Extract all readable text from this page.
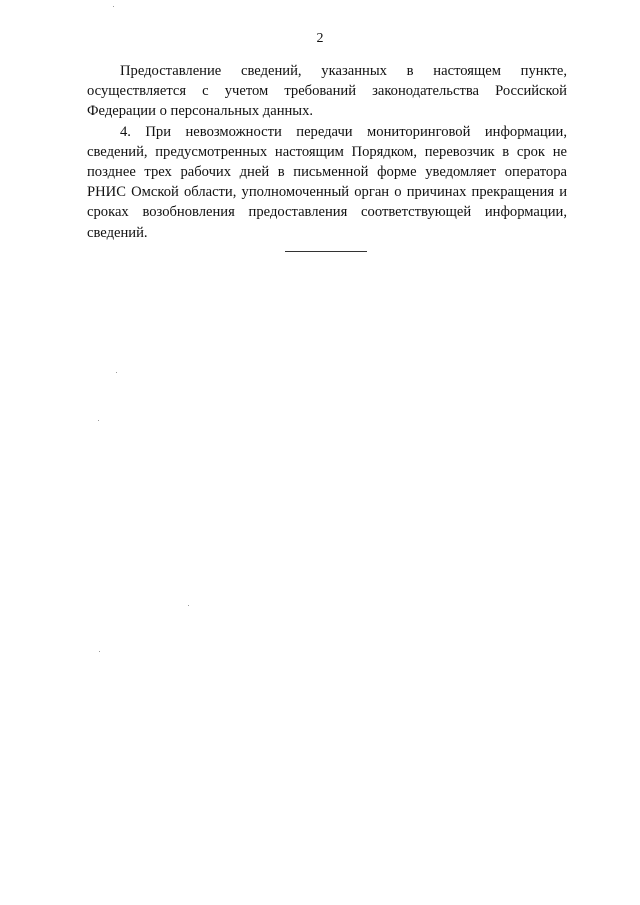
2

Предоставление сведений, указанных в настоящем пункте, осуществляется с учетом требований законодательства Российской Федерации о персональных данных.

4. При невозможности передачи мониторинговой информации, сведений, предусмотренных настоящим Порядком, перевозчик в срок не позднее трех рабочих дней в письменной форме уведомляет оператора РНИС Омской области, уполномоченный орган о причинах прекращения и сроках возобновления предоставления соответствующей информации, сведений.
